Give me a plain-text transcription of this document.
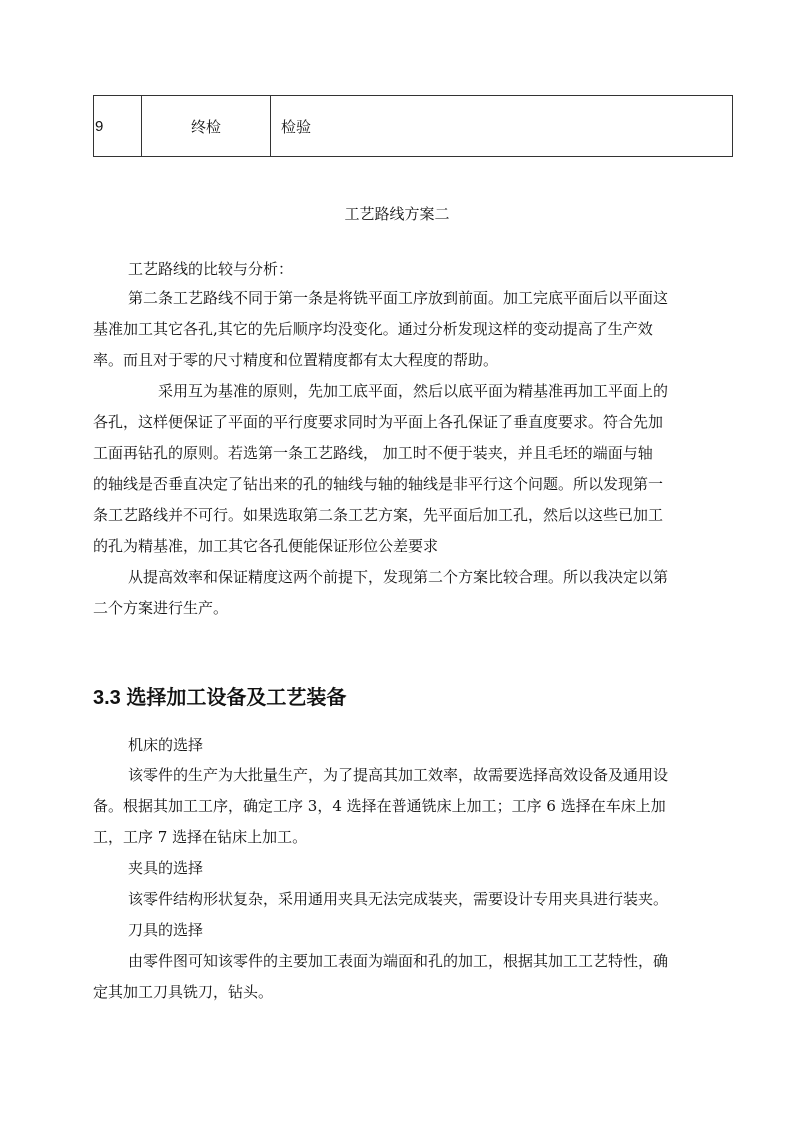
9	终检	检验
工艺路线方案二
工艺路线的比较与分析：
第二条工艺路线不同于第一条是将铣平面工序放到前面。加工完底平面后以平面这
基准加工其它各孔,其它的先后顺序均没变化。通过分析发现这样的变动提高了生产效
率。而且对于零的尺寸精度和位置精度都有太大程度的帮助。
采用互为基准的原则，先加工底平面，然后以底平面为精基准再加工平面上的
各孔，这样便保证了平面的平行度要求同时为平面上各孔保证了垂直度要求。符合先加
工面再钻孔的原则。若选第一条工艺路线， 加工时不便于装夹，并且毛坯的端面与轴
的轴线是否垂直决定了钻出来的孔的轴线与轴的轴线是非平行这个问题。所以发现第一
条工艺路线并不可行。如果选取第二条工艺方案，先平面后加工孔，然后以这些已加工
的孔为精基准，加工其它各孔便能保证形位公差要求
从提高效率和保证精度这两个前提下，发现第二个方案比较合理。所以我决定以第
二个方案进行生产。
3.3 选择加工设备及工艺装备
机床的选择
该零件的生产为大批量生产，为了提高其加工效率，故需要选择高效设备及通用设
备。根据其加工工序，确定工序 3，4 选择在普通铣床上加工；工序 6 选择在车床上加
工，工序 7 选择在钻床上加工。
夹具的选择
该零件结构形状复杂，采用通用夹具无法完成装夹，需要设计专用夹具进行装夹。
刀具的选择
由零件图可知该零件的主要加工表面为端面和孔的加工，根据其加工工艺特性，确
定其加工刀具铣刀，钻头。
